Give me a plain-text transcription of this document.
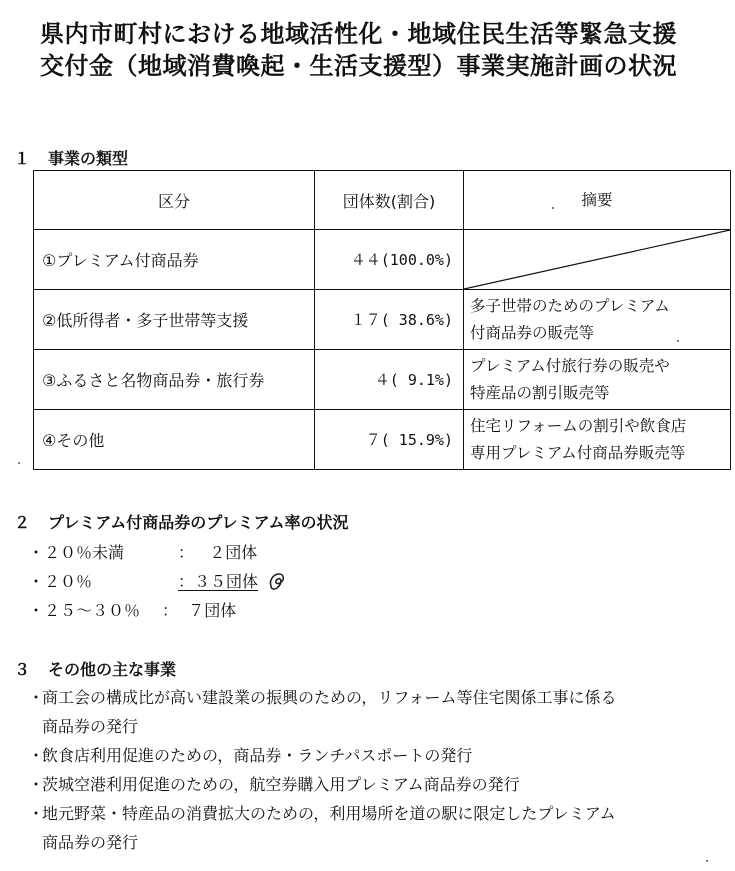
県内市町村における地域活性化・地域住民生活等緊急支援
交付金（地域消費喚起・生活支援型）事業実施計画の状況
１ 事業の類型
区分	団体数(割合)	摘要
①プレミアム付商品券	４４(100.0%)	

②低所得者・多子世帯等支援	１７( 38.6%)	多子世帯のためのプレミアム
付商品券の販売等

③ふるさと名物商品券・旅行券	４( 9.1%)	プレミアム付旅行券の販売や
特産品の割引販売等

④その他	７( 15.9%)	住宅リフォームの割引や飲食店
専用プレミアム付商品券販売等
２ プレミアム付商品券のプレミアム率の状況
・２０％未満	： ２団体
・２０％	：３５団体
・２５～３０％ ： ７団体
３ その他の主な事業
・
商工会の構成比が高い建設業の振興のための，リフォーム等住宅関係工事に係る
商品券の発行
・
飲食店利用促進のための，商品券・ランチパスポートの発行
・
茨城空港利用促進のための，航空券購入用プレミアム商品券の発行
・
地元野菜・特産品の消費拡大のための，利用場所を道の駅に限定したプレミアム
商品券の発行
